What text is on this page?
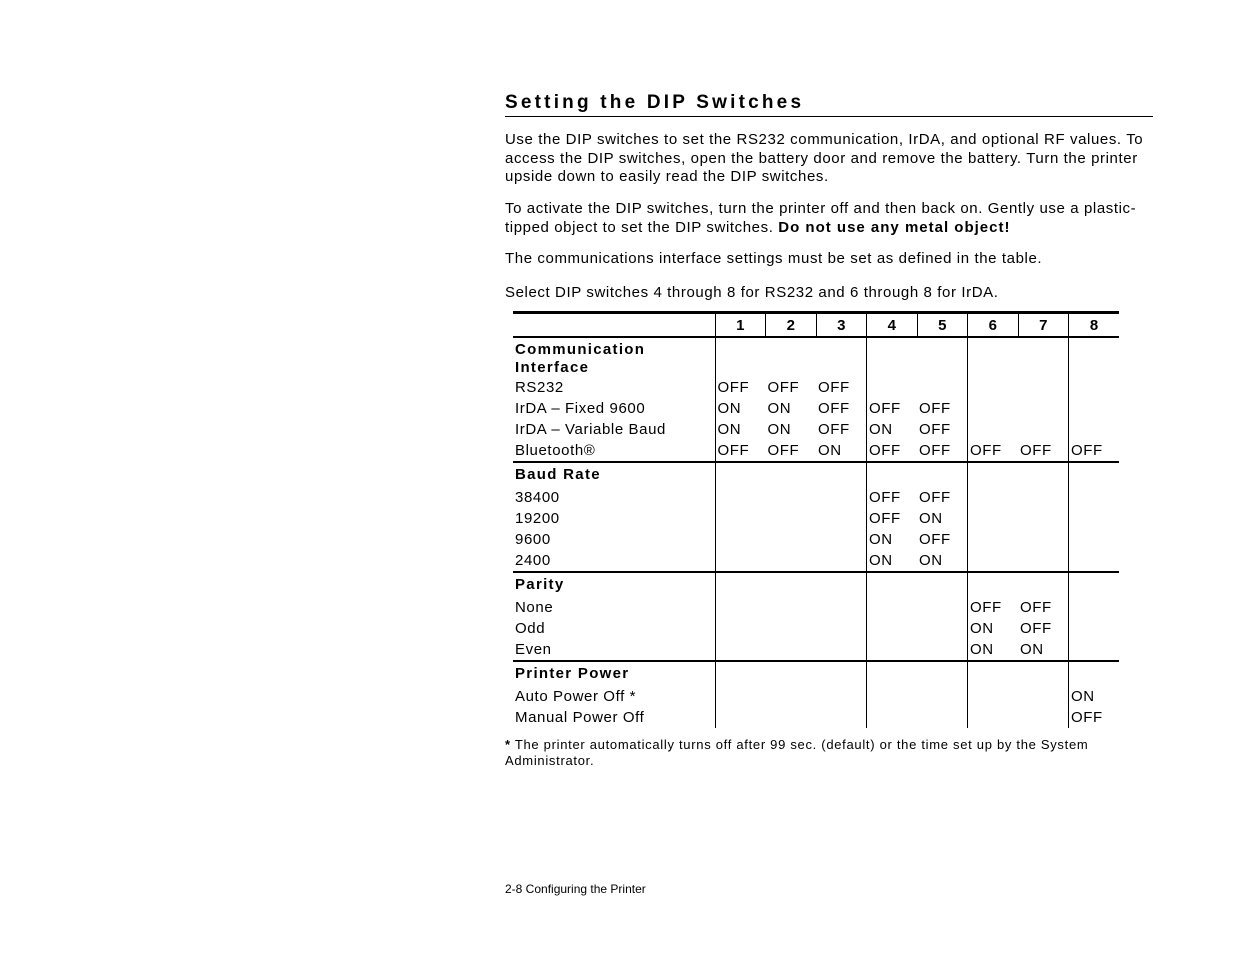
Setting the DIP Switches

Use the DIP switches to set the RS232 communication, IrDA, and optional RF values. To access the DIP switches, open the battery door and remove the battery. Turn the printer upside down to easily read the DIP switches.

To activate the DIP switches, turn the printer off and then back on. Gently use a plastic-tipped object to set the DIP switches. Do not use any metal object!

The communications interface settings must be set as defined in the table.

Select DIP switches 4 through 8 for RS232 and 6 through 8 for IrDA.

	1	2	3	4	5	6	7	8
Communication Interface								
RS232	OFF	OFF	OFF					
IrDA – Fixed 9600	ON	ON	OFF	OFF	OFF			
IrDA – Variable Baud	ON	ON	OFF	ON	OFF			
Bluetooth®	OFF	OFF	ON	OFF	OFF	OFF	OFF	OFF
Baud Rate								
38400				OFF	OFF			
19200				OFF	ON			
9600				ON	OFF			
2400				ON	ON			
Parity								
None						OFF	OFF	
Odd						ON	OFF	
Even						ON	ON	
Printer Power								
Auto Power Off *								ON
Manual Power Off								OFF
* The printer automatically turns off after 99 sec. (default) or the time set up by the System Administrator.
2-8 Configuring the Printer
